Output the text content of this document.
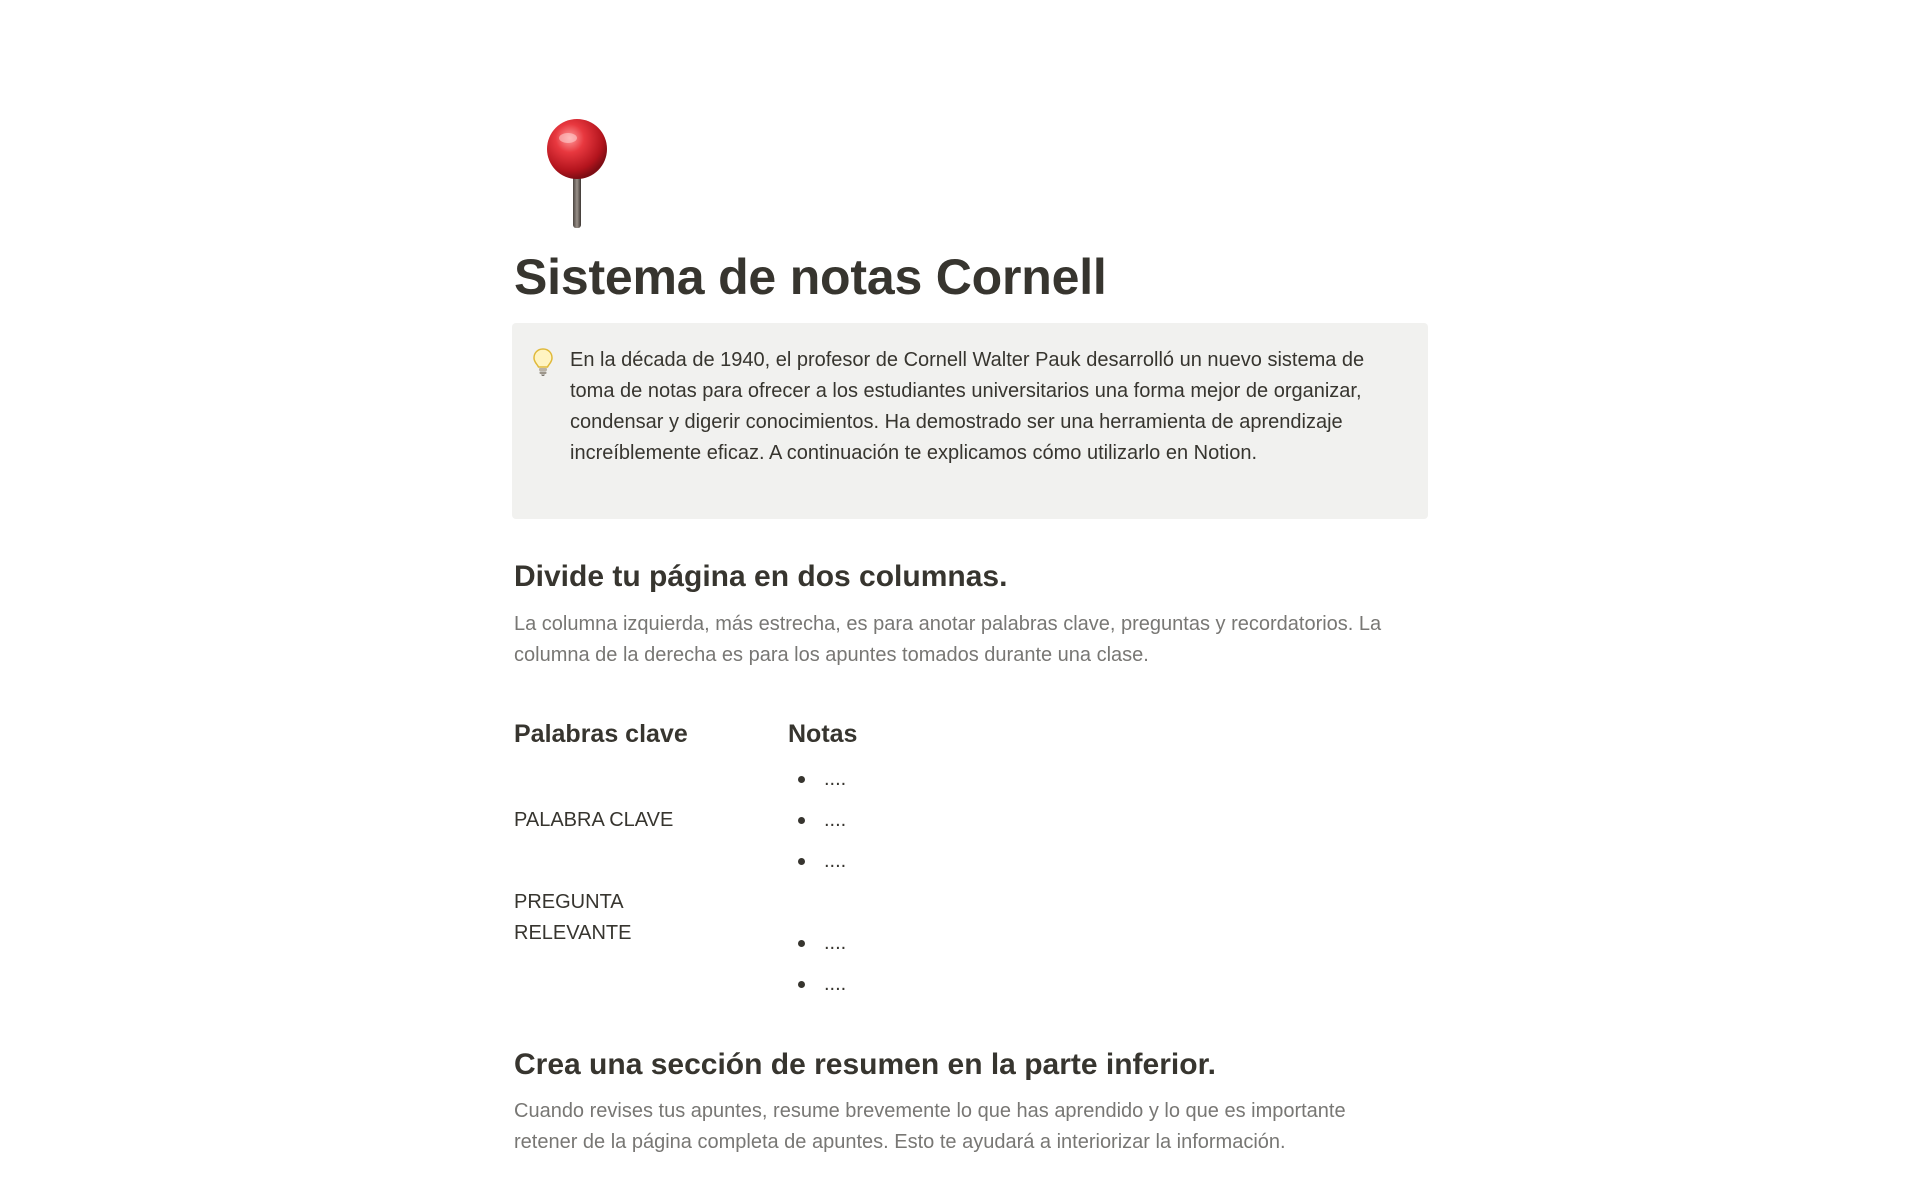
Sistema de notas Cornell

En la década de 1940, el profesor de Cornell Walter Pauk desarrolló un nuevo sistema de toma de notas para ofrecer a los estudiantes universitarios una forma mejor de organizar, condensar y digerir conocimientos. Ha demostrado ser una herramienta de aprendizaje increíblemente eficaz. A continuación te explicamos cómo utilizarlo en Notion.

Divide tu página en dos columnas.

La columna izquierda, más estrecha, es para anotar palabras clave, preguntas y recordatorios. La columna de la derecha es para los apuntes tomados durante una clase.

Palabras clave	Notas

PALABRA CLAVE

PREGUNTA RELEVANTE

....
....
....
....
....
Crea una sección de resumen en la parte inferior.

Cuando revises tus apuntes, resume brevemente lo que has aprendido y lo que es importante retener de la página completa de apuntes. Esto te ayudará a interiorizar la información.
